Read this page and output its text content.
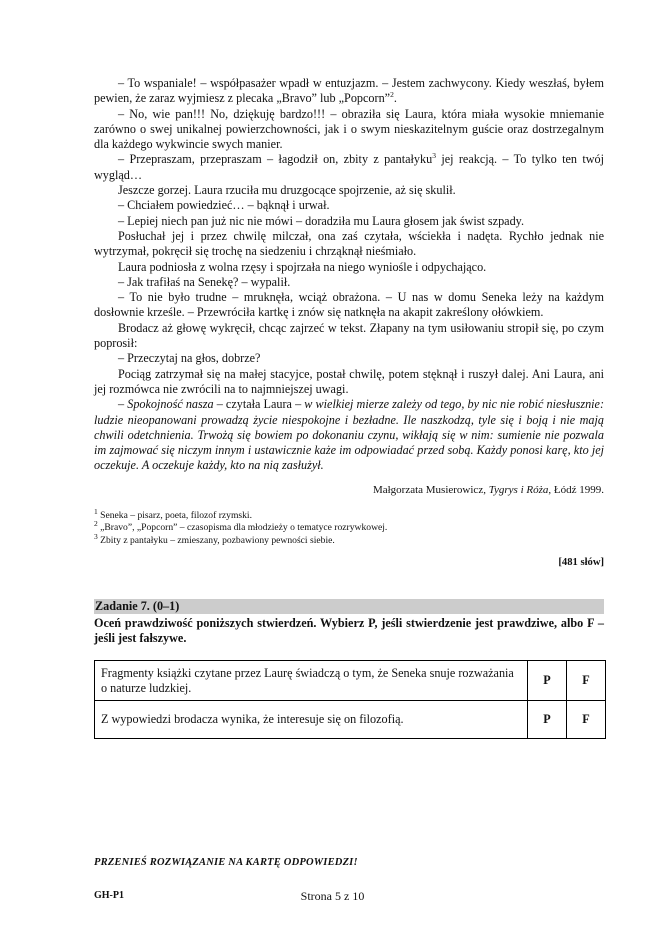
– To wspaniale! – współpasażer wpadł w entuzjazm. – Jestem zachwycony. Kiedy weszłaś, byłem pewien, że zaraz wyjmiesz z plecaka „Bravo” lub „Popcorn”$^2$.

– No, wie pan!!! No, dziękuję bardzo!!! – obraziła się Laura, która miała wysokie mniemanie zarówno o swej unikalnej powierzchowności, jak i o swym nieskazitelnym guście oraz dostrzegalnym dla każdego wykwincie swych manier.

– Przepraszam, przepraszam – łagodził on, zbity z pantałyku$^3$ jej reakcją. – To tylko ten twój wygląd…

Jeszcze gorzej. Laura rzuciła mu druzgocące spojrzenie, aż się skulił.

– Chciałem powiedzieć… – bąknął i urwał.

– Lepiej niech pan już nic nie mówi – doradziła mu Laura głosem jak świst szpady.

Posłuchał jej i przez chwilę milczał, ona zaś czytała, wściekła i nadęta. Rychło jednak nie wytrzymał, pokręcił się trochę na siedzeniu i chrząknął nieśmiało.

Laura podniosła z wolna rzęsy i spojrzała na niego wyniośle i odpychająco.

– Jak trafiłaś na Senekę? – wypalił.

– To nie było trudne – mruknęła, wciąż obrażona. – U nas w domu Seneka leży na każdym dosłownie krześle. – Przewróciła kartkę i znów się natknęła na akapit zakreślony ołówkiem.

Brodacz aż głowę wykręcił, chcąc zajrzeć w tekst. Złapany na tym usiłowaniu stropił się, po czym poprosił:

– Przeczytaj na głos, dobrze?

Pociąg zatrzymał się na małej stacyjce, postał chwilę, potem stęknął i ruszył dalej. Ani Laura, ani jej rozmówca nie zwrócili na to najmniejszej uwagi.

– Spokojność nasza – czytała Laura – w wielkiej mierze zależy od tego, by nic nie robić niesłusznie: ludzie nieopanowani prowadzą życie niespokojne i bezładne. Ile naszkodzą, tyle się i boją i nie mają chwili odetchnienia. Trwożą się bowiem po dokonaniu czynu, wikłają się w nim: sumienie nie pozwala im zajmować się niczym innym i ustawicznie każe im odpowiadać przed sobą. Każdy ponosi karę, kto jej oczekuje. A oczekuje każdy, kto na nią zasłużył.

Małgorzata Musierowicz, Tygrys i Róża, Łódź 1999.
$^1$ Seneka – pisarz, poeta, filozof rzymski.
$^2$ „Bravo”, „Popcorn” – czasopisma dla młodzieży o tematyce rozrywkowej.
$^3$ Zbity z pantałyku – zmieszany, pozbawiony pewności siebie.
[481 słów]
Zadanie 7. (0–1)
Oceń prawdziwość poniższych stwierdzeń. Wybierz P, jeśli stwierdzenie jest prawdziwe, albo F – jeśli jest fałszywe.
Fragmenty książki czytane przez Laurę świadczą o tym, że Seneka snuje rozważania o naturze ludzkiej.	P	F
Z wypowiedzi brodacza wynika, że interesuje się on filozofią.	P	F
PRZENIEŚ ROZWIĄZANIE NA KARTĘ ODPOWIEDZI!
GH-P1	Strona 5 z 10
